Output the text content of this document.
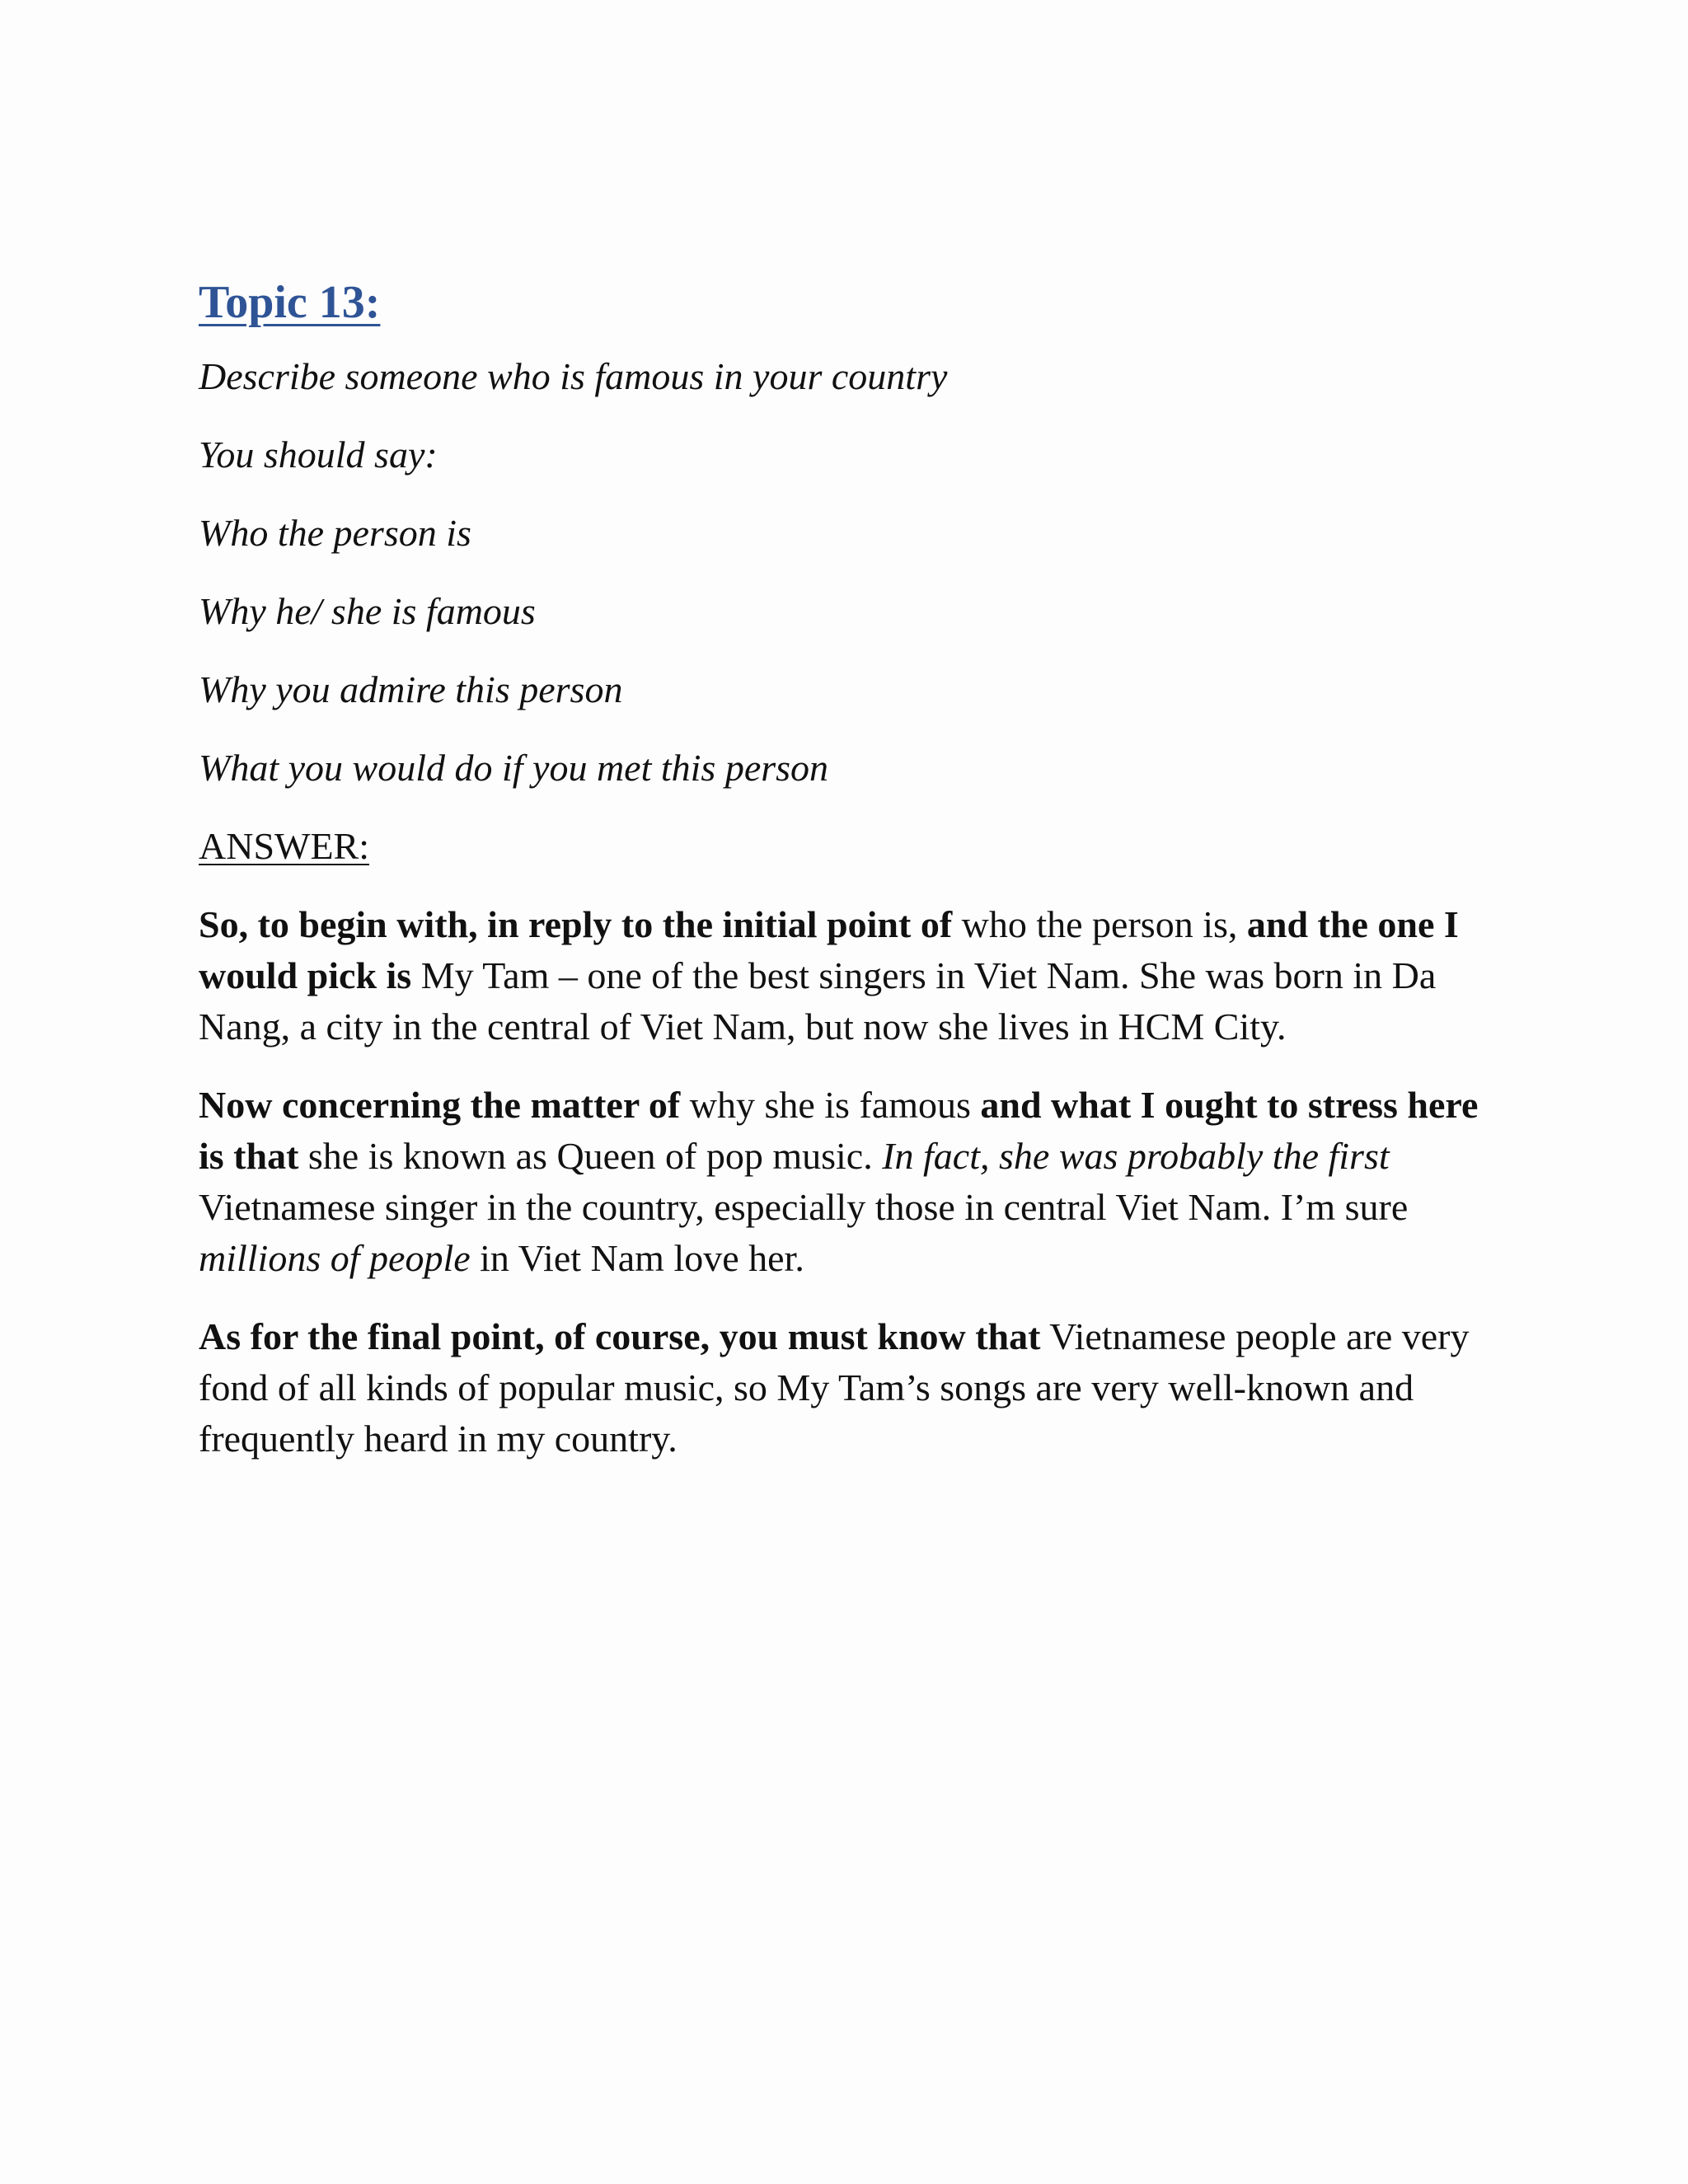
Topic 13:

Describe someone who is famous in your country

You should say:

Who the person is

Why he/ she is famous

Why you admire this person

What you would do if you met this person

ANSWER:

So, to begin with, in reply to the initial point of who the person is, and the one I would pick is My Tam – one of the best singers in Viet Nam. She was born in Da Nang, a city in the central of Viet Nam, but now she lives in HCM City.

Now concerning the matter of why she is famous and what I ought to stress here is that she is known as Queen of pop music. In fact, she was probably the first Vietnamese singer in the country, especially those in central Viet Nam. I’m sure millions of people in Viet Nam love her.

As for the final point, of course, you must know that Vietnamese people are very fond of all kinds of popular music, so My Tam’s songs are very well-known and frequently heard in my country.
